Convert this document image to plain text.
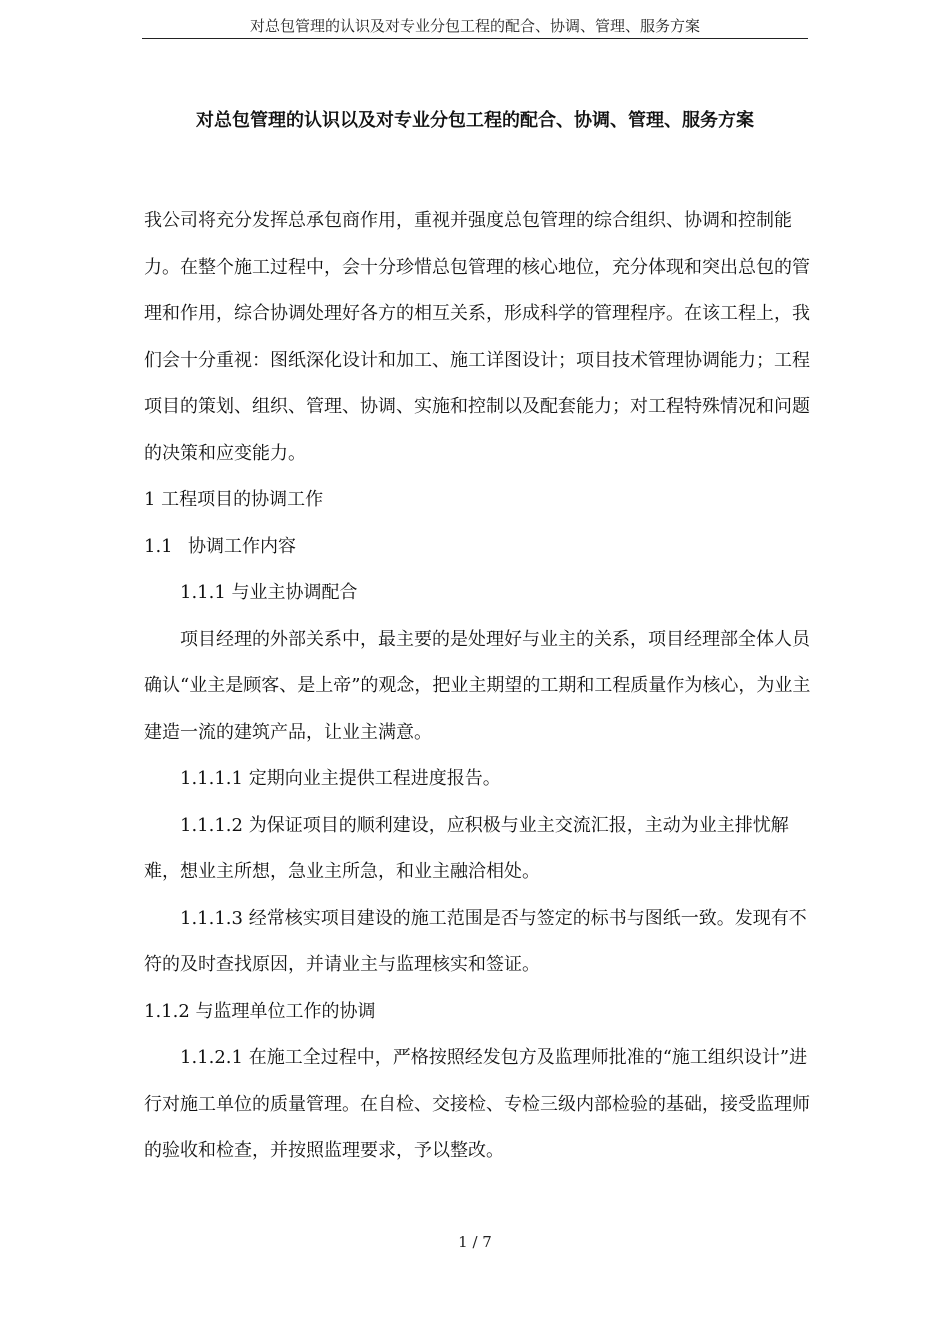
对总包管理的认识及对专业分包工程的配合、协调、管理、服务方案
对总包管理的认识以及对专业分包工程的配合、协调、管理、服务方案

我公司将充分发挥总承包商作用，重视并强度总包管理的综合组织、协调和控制能力。在整个施工过程中，会十分珍惜总包管理的核心地位，充分体现和突出总包的管理和作用，综合协调处理好各方的相互关系，形成科学的管理程序。在该工程上，我们会十分重视：图纸深化设计和加工、施工详图设计；项目技术管理协调能力；工程项目的策划、组织、管理、协调、实施和控制以及配套能力；对工程特殊情况和问题的决策和应变能力。

1 工程项目的协调工作

1.1 协调工作内容

1.1.1 与业主协调配合

项目经理的外部关系中，最主要的是处理好与业主的关系，项目经理部全体人员确认“业主是顾客、是上帝”的观念，把业主期望的工期和工程质量作为核心，为业主建造一流的建筑产品，让业主满意。

1.1.1.1 定期向业主提供工程进度报告。

1.1.1.2 为保证项目的顺利建设，应积极与业主交流汇报，主动为业主排忧解难，想业主所想，急业主所急，和业主融洽相处。

1.1.1.3 经常核实项目建设的施工范围是否与签定的标书与图纸一致。发现有不符的及时查找原因，并请业主与监理核实和签证。

1.1.2 与监理单位工作的协调

1.1.2.1 在施工全过程中，严格按照经发包方及监理师批准的“施工组织设计”进行对施工单位的质量管理。在自检、交接检、专检三级内部检验的基础，接受监理师的验收和检查，并按照监理要求，予以整改。

1 / 7
